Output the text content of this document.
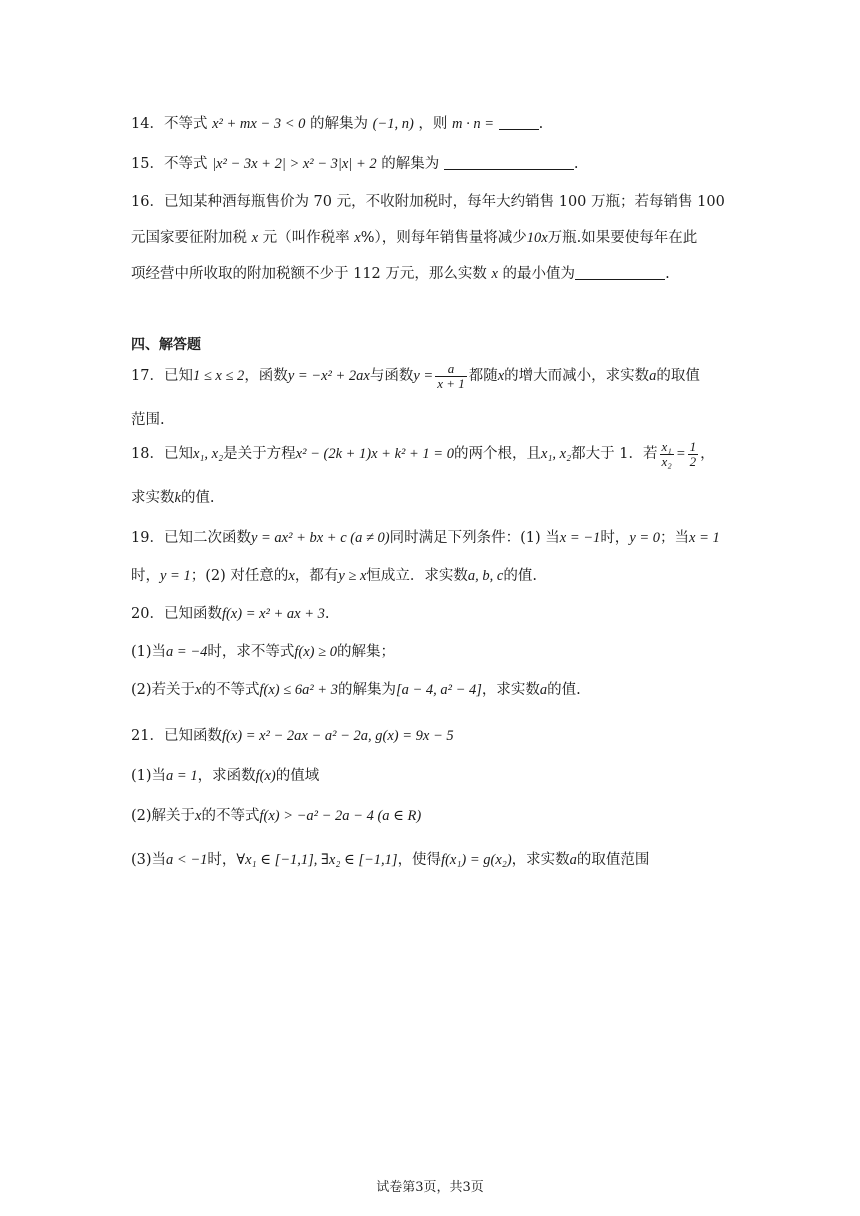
14．不等式 x² + mx − 3 < 0 的解集为 (−1, n) ，则 m · n =	.
15．不等式 |x² − 3x + 2| > x² − 3|x| + 2 的解集为	.
16．已知某种酒每瓶售价为 70 元，不收附加税时，每年大约销售 100 万瓶；若每销售 100
元国家要征附加税 x 元（叫作税率 x%），则每年销售量将减少10x万瓶.如果要使每年在此
项经营中所收取的附加税额不少于 112 万元，那么实数 x 的最小值为	.
四、解答题
17．已知1 ≤ x ≤ 2，函数y = −x² + 2ax与函数$y = \frac{a}{x + 1}$ 都随x的增大而减小，求实数a的取值
范围.
18．已知x₁, x₂是关于方程x² − (2k + 1)x + k² + 1 = 0的两个根，且x₁, x₂都大于 1．若 $\frac{\text{x₁}}{\text{x₂}} = \frac{1}{2}$ ，
求实数k的值.
19．已知二次函数y = ax² + bx + c (a ≠ 0)同时满足下列条件：(1) 当x = −1时，y = 0；当x = 1
时，y = 1；(2) 对任意的x，都有y ≥ x恒成立．求实数a, b, c的值.
20．已知函数f(x) = x² + ax + 3.
(1)当a = −4时，求不等式f(x) ≥ 0的解集；
(2)若关于x的不等式f(x) ≤ 6a² + 3的解集为[a − 4, a² − 4]，求实数a的值.
21．已知函数f(x) = x² − 2ax − a² − 2a, g(x) = 9x − 5
(1)当a = 1，求函数f(x)的值域
(2)解关于x的不等式f(x) > −a² − 2a − 4 (a ∈ R)
(3)当a < −1时，∀x₁ ∈ [−1,1], ∃x₂ ∈ [−1,1]，使得f(x₁) = g(x₂)，求实数a的取值范围
试卷第3页，共3页
